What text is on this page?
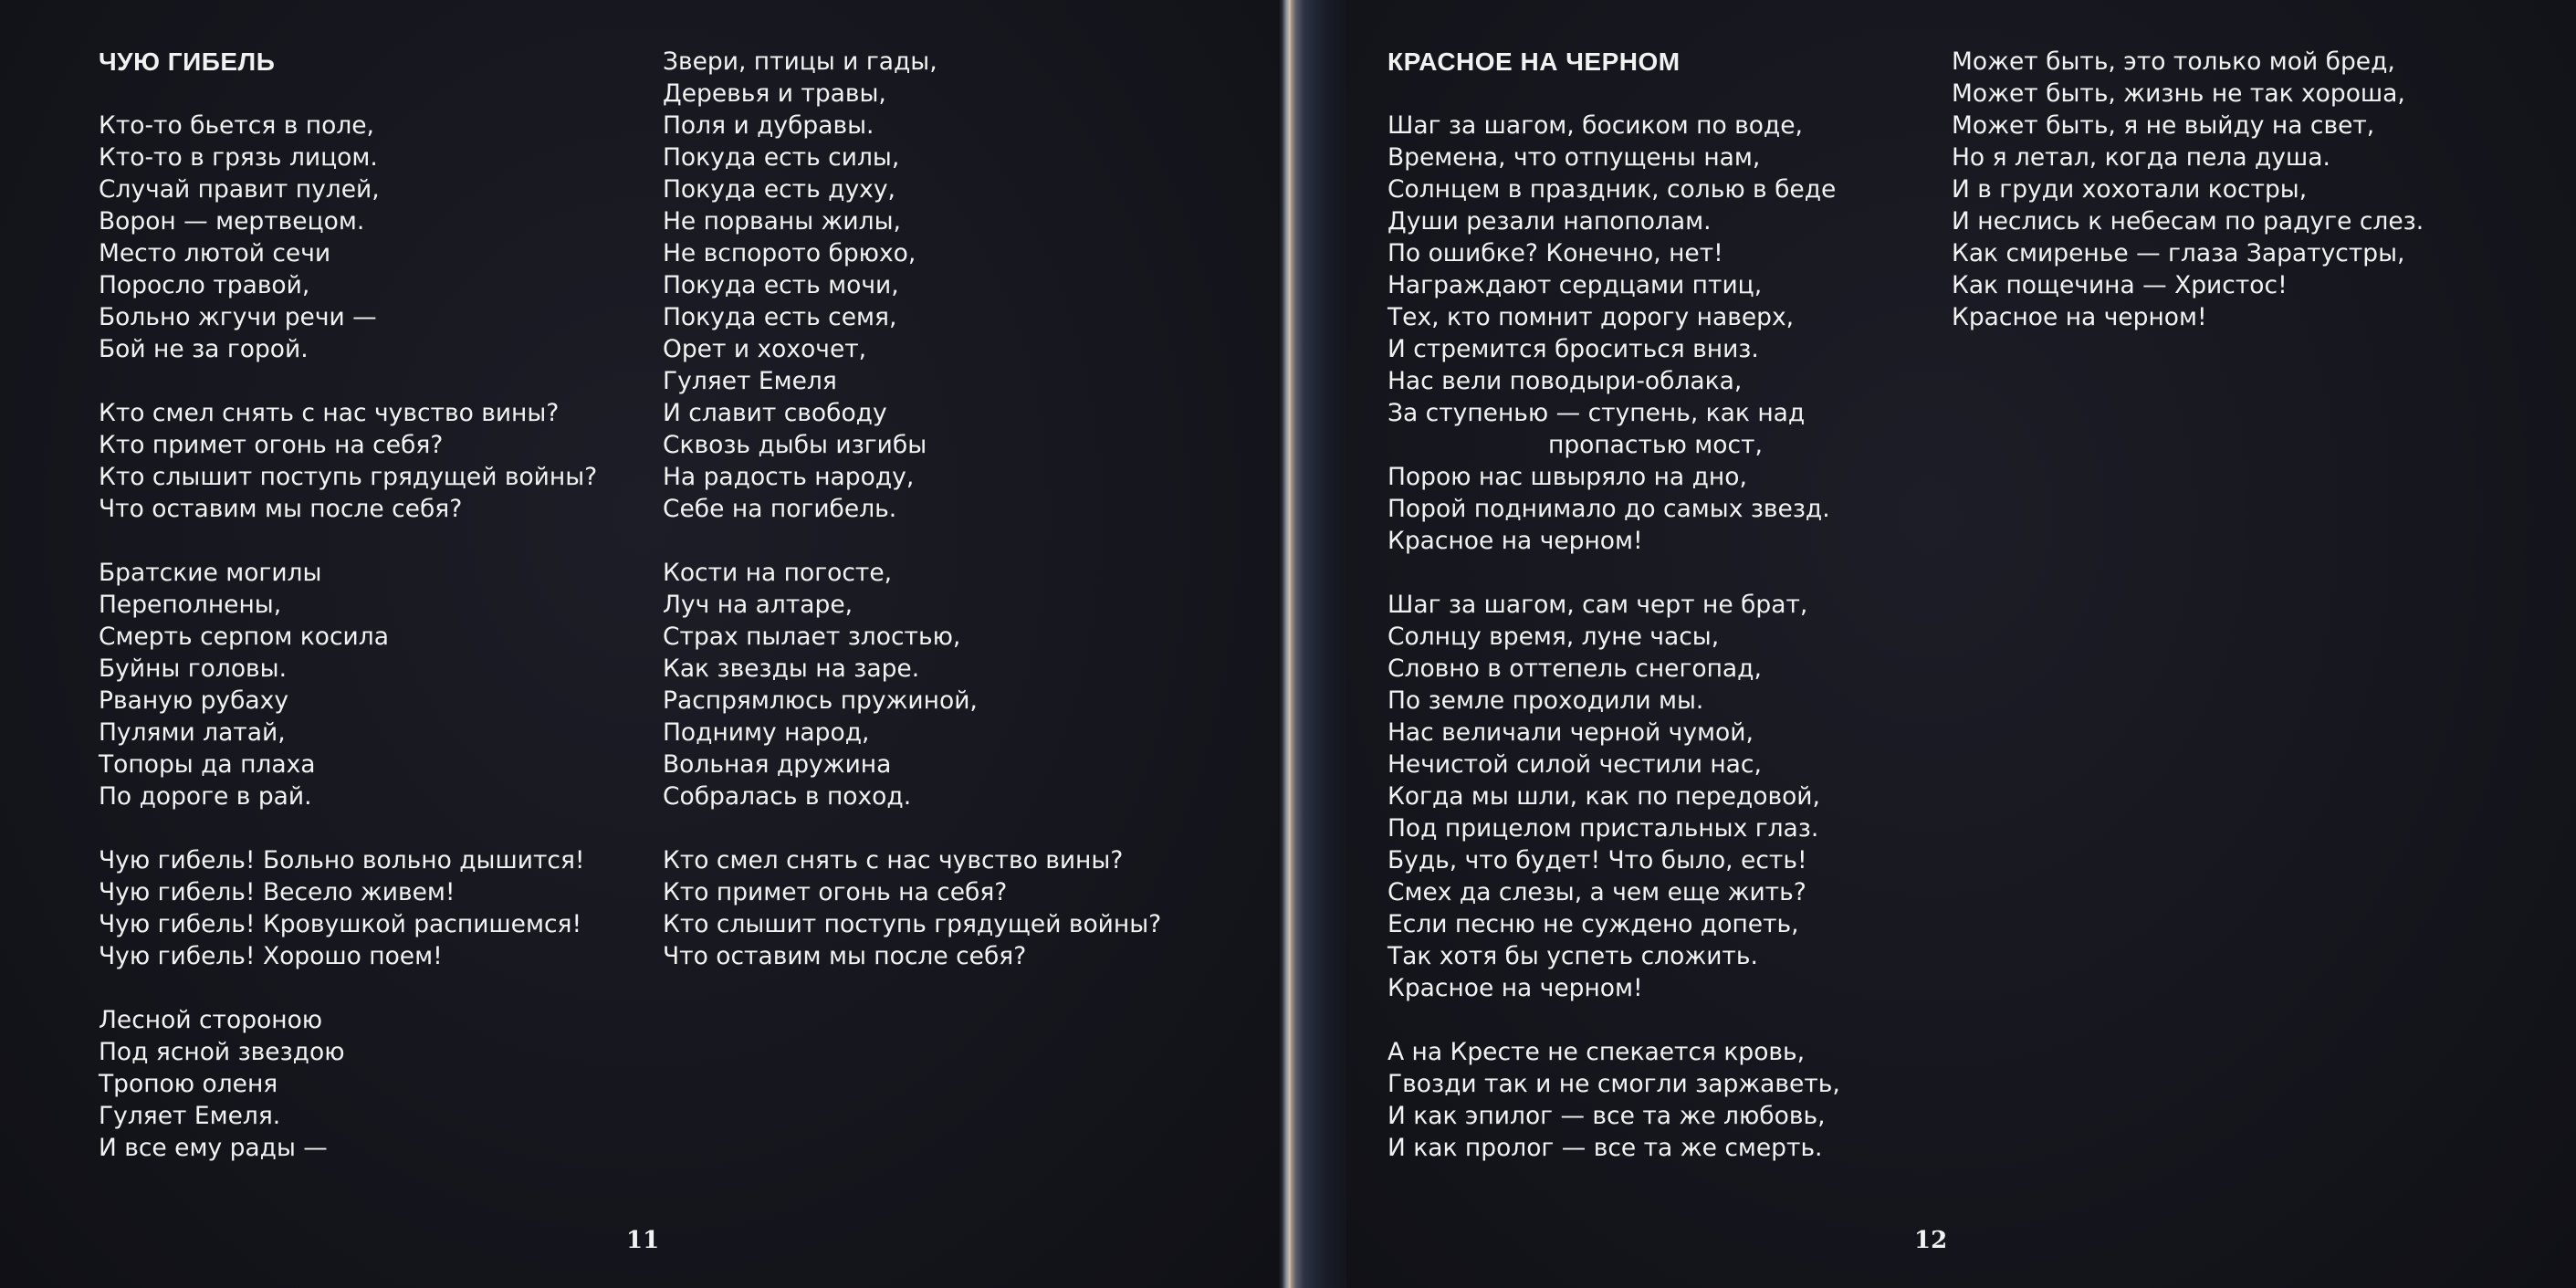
ЧУЮ ГИБЕЛЬ
Кто-то бьется в поле,
Кто-то в грязь лицом.
Случай правит пулей,
Ворон — мертвецом.
Место лютой сечи
Поросло травой,
Больно жгучи речи —
Бой не за горой.
Кто смел снять с нас чувство вины?
Кто примет огонь на себя?
Кто слышит поступь грядущей войны?
Что оставим мы после себя?
Братские могилы
Переполнены,
Смерть серпом косила
Буйны головы.
Рваную рубаху
Пулями латай,
Топоры да плаха
По дороге в рай.
Чую гибель! Больно вольно дышится!
Чую гибель! Весело живем!
Чую гибель! Кровушкой распишемся!
Чую гибель! Хорошо поем!
Лесной стороною
Под ясной звездою
Тропою оленя
Гуляет Емеля.
И все ему рады —
Звери, птицы и гады,
Деревья и травы,
Поля и дубравы.
Покуда есть силы,
Покуда есть духу,
Не порваны жилы,
Не вспорото брюхо,
Покуда есть мочи,
Покуда есть семя,
Орет и хохочет,
Гуляет Емеля
И славит свободу
Сквозь дыбы изгибы
На радость народу,
Себе на погибель.
Кости на погосте,
Луч на алтаре,
Страх пылает злостью,
Как звезды на заре.
Распрямлюсь пружиной,
Подниму народ,
Вольная дружина
Собралась в поход.
Кто смел снять с нас чувство вины?
Кто примет огонь на себя?
Кто слышит поступь грядущей войны?
Что оставим мы после себя?
11
КРАСНОЕ НА ЧЕРНОМ
Шаг за шагом, босиком по воде,
Времена, что отпущены нам,
Солнцем в праздник, солью в беде
Души резали напополам.
По ошибке? Конечно, нет!
Награждают сердцами птиц,
Тех, кто помнит дорогу наверх,
И стремится броситься вниз.
Нас вели поводыри-облака,
За ступенью — ступень, как над
пропастью мост,
Порою нас швыряло на дно,
Порой поднимало до самых звезд.
Красное на черном!
Шаг за шагом, сам черт не брат,
Солнцу время, луне часы,
Словно в оттепель снегопад,
По земле проходили мы.
Нас величали черной чумой,
Нечистой силой честили нас,
Когда мы шли, как по передовой,
Под прицелом пристальных глаз.
Будь, что будет! Что было, есть!
Смех да слезы, а чем еще жить?
Если песню не суждено допеть,
Так хотя бы успеть сложить.
Красное на черном!
А на Кресте не спекается кровь,
Гвозди так и не смогли заржаветь,
И как эпилог — все та же любовь,
И как пролог — все та же смерть.
Может быть, это только мой бред,
Может быть, жизнь не так хороша,
Может быть, я не выйду на свет,
Но я летал, когда пела душа.
И в груди хохотали костры,
И неслись к небесам по радуге слез.
Как смиренье — глаза Заратустры,
Как пощечина — Христос!
Красное на черном!
12
